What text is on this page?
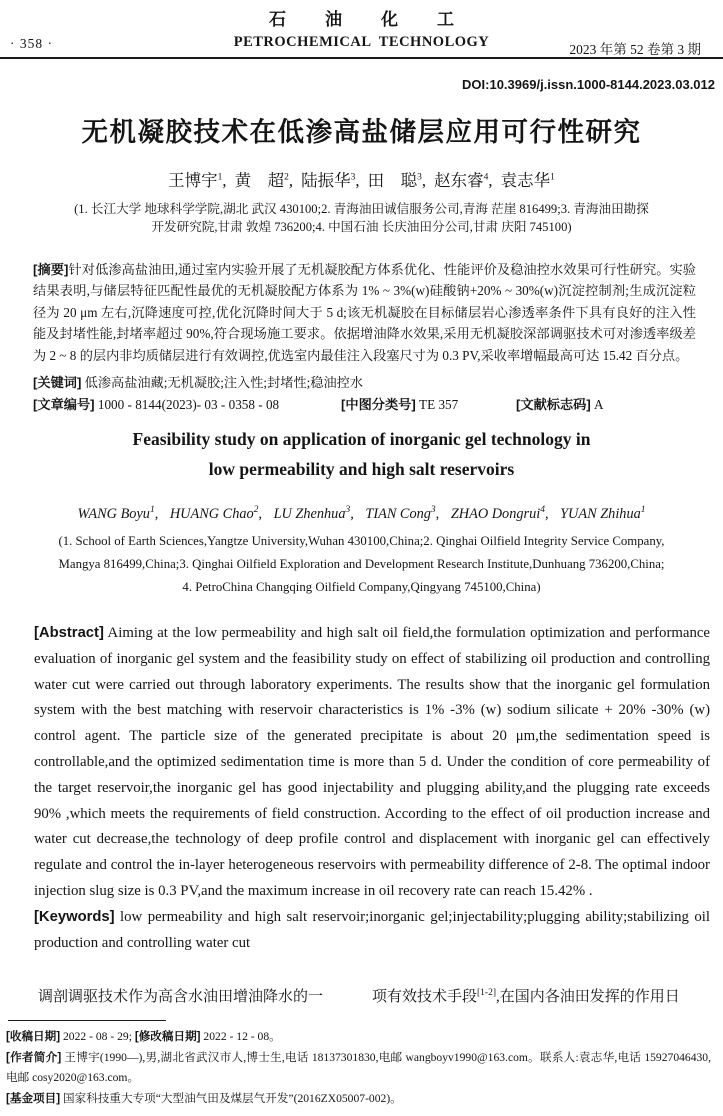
· 358 ·
石　油　化　工
PETROCHEMICAL  TECHNOLOGY	2023 年第 52 卷第 3 期
DOI:10.3969/j.issn.1000-8144.2023.03.012
无机凝胶技术在低渗高盐储层应用可行性研究
王博宇$^1$, 黄　超$^2$, 陆振华$^3$, 田　聪$^3$, 赵东睿$^4$, 袁志华$^1$
(1. 长江大学 地球科学学院,湖北 武汉 430100;2. 青海油田诚信服务公司,青海 茫崖 816499;3. 青海油田勘探
开发研究院,甘肃 敦煌 736200;4. 中国石油 长庆油田分公司,甘肃 庆阳 745100)
[摘要]针对低渗高盐油田,通过室内实验开展了无机凝胶配方体系优化、性能评价及稳油控水效果可行性研究。实验结果表明,与储层特征匹配性最优的无机凝胶配方体系为 1% ~ 3%(w)硅酸钠+20% ~ 30%(w)沉淀控制剂;生成沉淀粒径为 20 μm 左右,沉降速度可控,优化沉降时间大于 5 d;该无机凝胶在目标储层岩心渗透率条件下具有良好的注入性能及封堵性能,封堵率超过 90%,符合现场施工要求。依据增油降水效果,采用无机凝胶深部调驱技术可对渗透率级差为 2 ~ 8 的层内非均质储层进行有效调控,优选室内最佳注入段塞尺寸为 0.3 PV,采收率增幅最高可达 15.42 百分点。
[关键词] 低渗高盐油藏;无机凝胶;注入性;封堵性;稳油控水
[文章编号] 1000 - 8144(2023)- 03 - 0358 - 08	[中图分类号] TE 357	[文献标志码] A
Feasibility study on application of inorganic gel technology in
low permeability and high salt reservoirs
WANG Boyu$^1$, HUANG Chao$^2$, LU Zhenhua$^3$, TIAN Cong$^3$, ZHAO Dongrui$^4$, YUAN Zhihua$^1$
(1. School of Earth Sciences,Yangtze University,Wuhan 430100,China;2. Qinghai Oilfield Integrity Service Company,
Mangya 816499,China;3. Qinghai Oilfield Exploration and Development Research Institute,Dunhuang 736200,China;
4. PetroChina Changqing Oilfield Company,Qingyang 745100,China)

[Abstract] Aiming at the low permeability and high salt oil field,the formulation optimization and performance evaluation of inorganic gel system and the feasibility study on effect of stabilizing oil production and controlling water cut were carried out through laboratory experiments. The results show that the inorganic gel formulation system with the best matching with reservoir characteristics is 1% -3% (w) sodium silicate + 20% -30% (w) control agent. The particle size of the generated precipitate is about 20 μm,the sedimentation speed is controllable,and the optimized sedimentation time is more than 5 d. Under the condition of core permeability of the target reservoir,the inorganic gel has good injectability and plugging ability,and the plugging rate exceeds 90% ,which meets the requirements of field construction. According to the effect of oil production increase and water cut decrease,the technology of deep profile control and displacement with inorganic gel can effectively regulate and control the in-layer heterogeneous reservoirs with permeability difference of 2-8. The optimal indoor injection slug size is 0.3 PV,and the maximum increase in oil recovery rate can reach 15.42% .

[Keywords] low permeability and high salt reservoir;inorganic gel;injectability;plugging ability;stabilizing oil production and controlling water cut

调剖调驱技术作为高含水油田增油降水的一	项有效技术手段[1-2],在国内各油田发挥的作用日

[收稿日期] 2022 - 08 - 29; [修改稿日期] 2022 - 12 - 08。

[作者简介] 王博宇(1990—),男,湖北省武汉市人,博士生,电话 18137301830,电邮 wangboyv1990@163.com。联系人:袁志华,电话 15927046430,电邮 cosy2020@163.com。

[基金项目] 国家科技重大专项“大型油气田及煤层气开发”(2016ZX05007-002)。
